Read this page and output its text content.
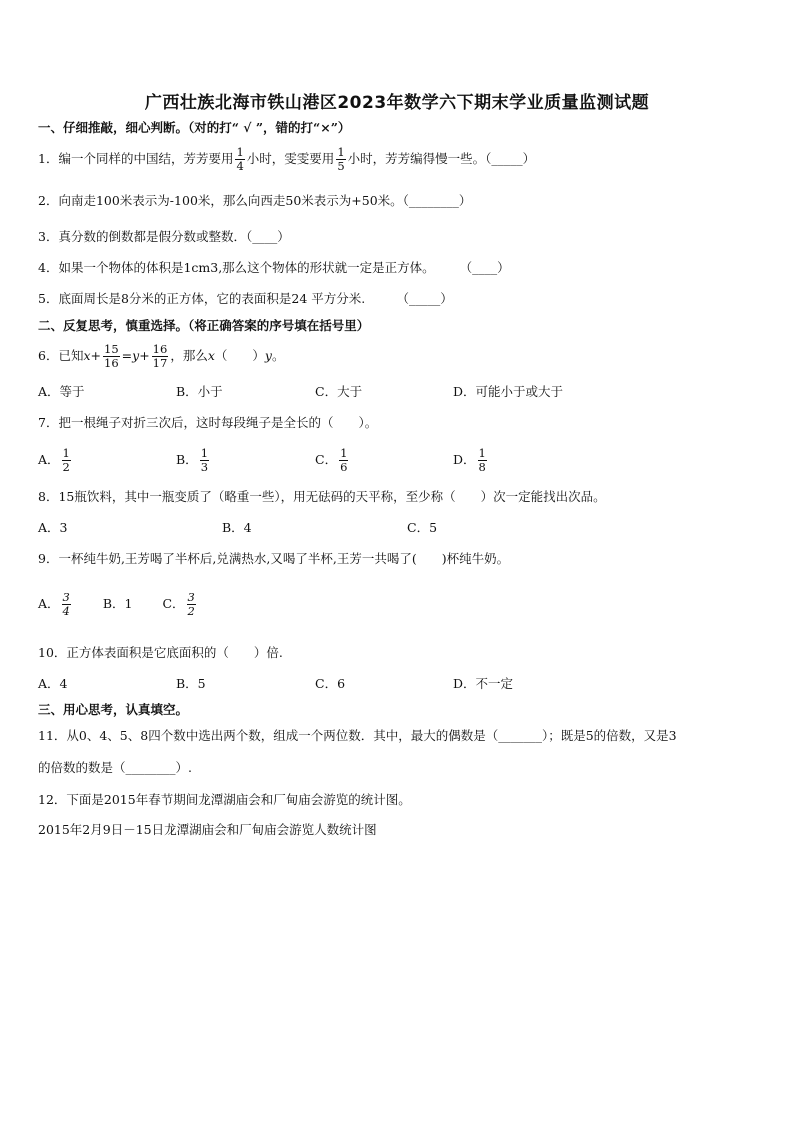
广西壮族北海市铁山港区2023年数学六下期末学业质量监测试题
一、仔细推敲，细心判断。（对的打“ √ ”，错的打“×”）
1．编一个同样的中国结，芳芳要用 $\frac{1}{4}$ 小时，雯雯要用 $\frac{1}{5}$ 小时，芳芳编得慢一些。（_____）
2．向南走100米表示为-100米，那么向西走50米表示为+50米。（________）
3．真分数的倒数都是假分数或整数．（____）
4．如果一个物体的体积是1cm3,那么这个物体的形状就一定是正方体。　　　（____）
5．底面周长是8分米的正方体，它的表面积是24 平方分米.　　　（_____）
二、反复思考，慎重选择。（将正确答案的序号填在括号里）
6．已知$x+ \frac{15}{16} =y+ \frac{16}{17}$ ，那么x（　　）y。
A．等于	B．小于	C．大于	D．可能小于或大于
7．把一根绳子对折三次后，这时每段绳子是全长的（　　）。
A． $\frac{1}{2}$	B． $\frac{1}{3}$	C． $\frac{1}{6}$	D． $\frac{1}{8}$
8．15瓶饮料，其中一瓶变质了（略重一些），用无砝码的天平称，至少称（　　）次一定能找出次品。
A．3	B．4	C．5
9．一杯纯牛奶,王芳喝了半杯后,兑满热水,又喝了半杯,王芳一共喝了(　　)杯纯牛奶。
A． $\frac{3}{4}$	B．1 C． $\frac{3}{2}$
10．正方体表面积是它底面积的（　　）倍.
A．4	B．5	C．6	D．不一定
三、用心思考，认真填空。
11．从0、4、5、8四个数中选出两个数，组成一个两位数．其中，最大的偶数是（_______）；既是5的倍数，又是3
的倍数的数是（________）.
12．下面是2015年春节期间龙潭湖庙会和厂甸庙会游览的统计图。
2015年2月9日－15日龙潭湖庙会和厂甸庙会游览人数统计图
